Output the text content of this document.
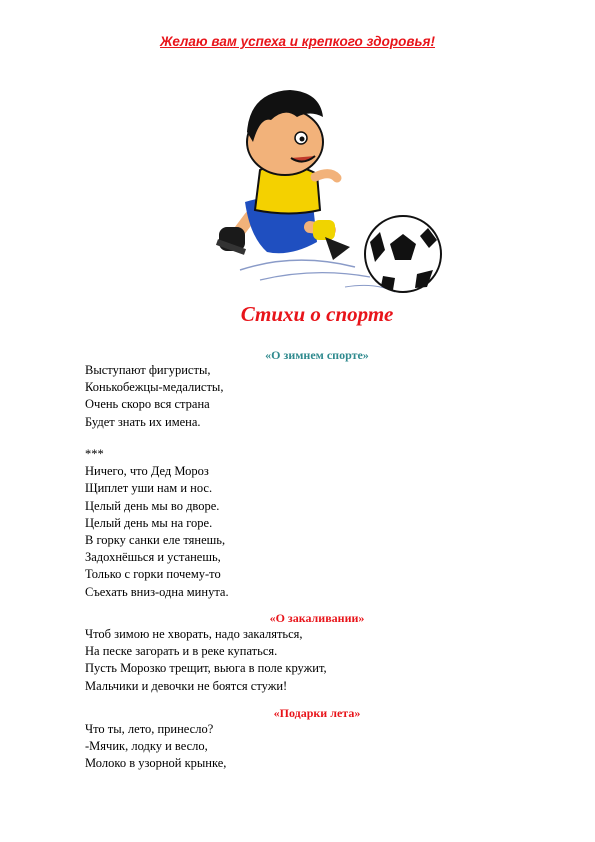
Желаю вам успеха и крепкого здоровья!
Стихи о спорте
«О зимнем спорте»
Выступают фигуристы,
Конькобежцы-медалисты,
Очень скоро вся страна
Будет знать их имена.
***
Ничего, что Дед Мороз
Щиплет уши нам и нос.
Целый день мы во дворе.
Целый день мы на горе.
В горку санки еле тянешь,
Задохнёшься и устанешь,
Только с горки почему-то
Съехать вниз-одна минута.
«О закаливании»
Чтоб зимою не хворать, надо закаляться,
На песке загорать и в реке купаться.
Пусть Морозко трещит, вьюга в поле кружит,
Мальчики и девочки не боятся стужи!
«Подарки лета»
Что ты, лето, принесло?
-Мячик, лодку и весло,
Молоко в узорной крынке,
